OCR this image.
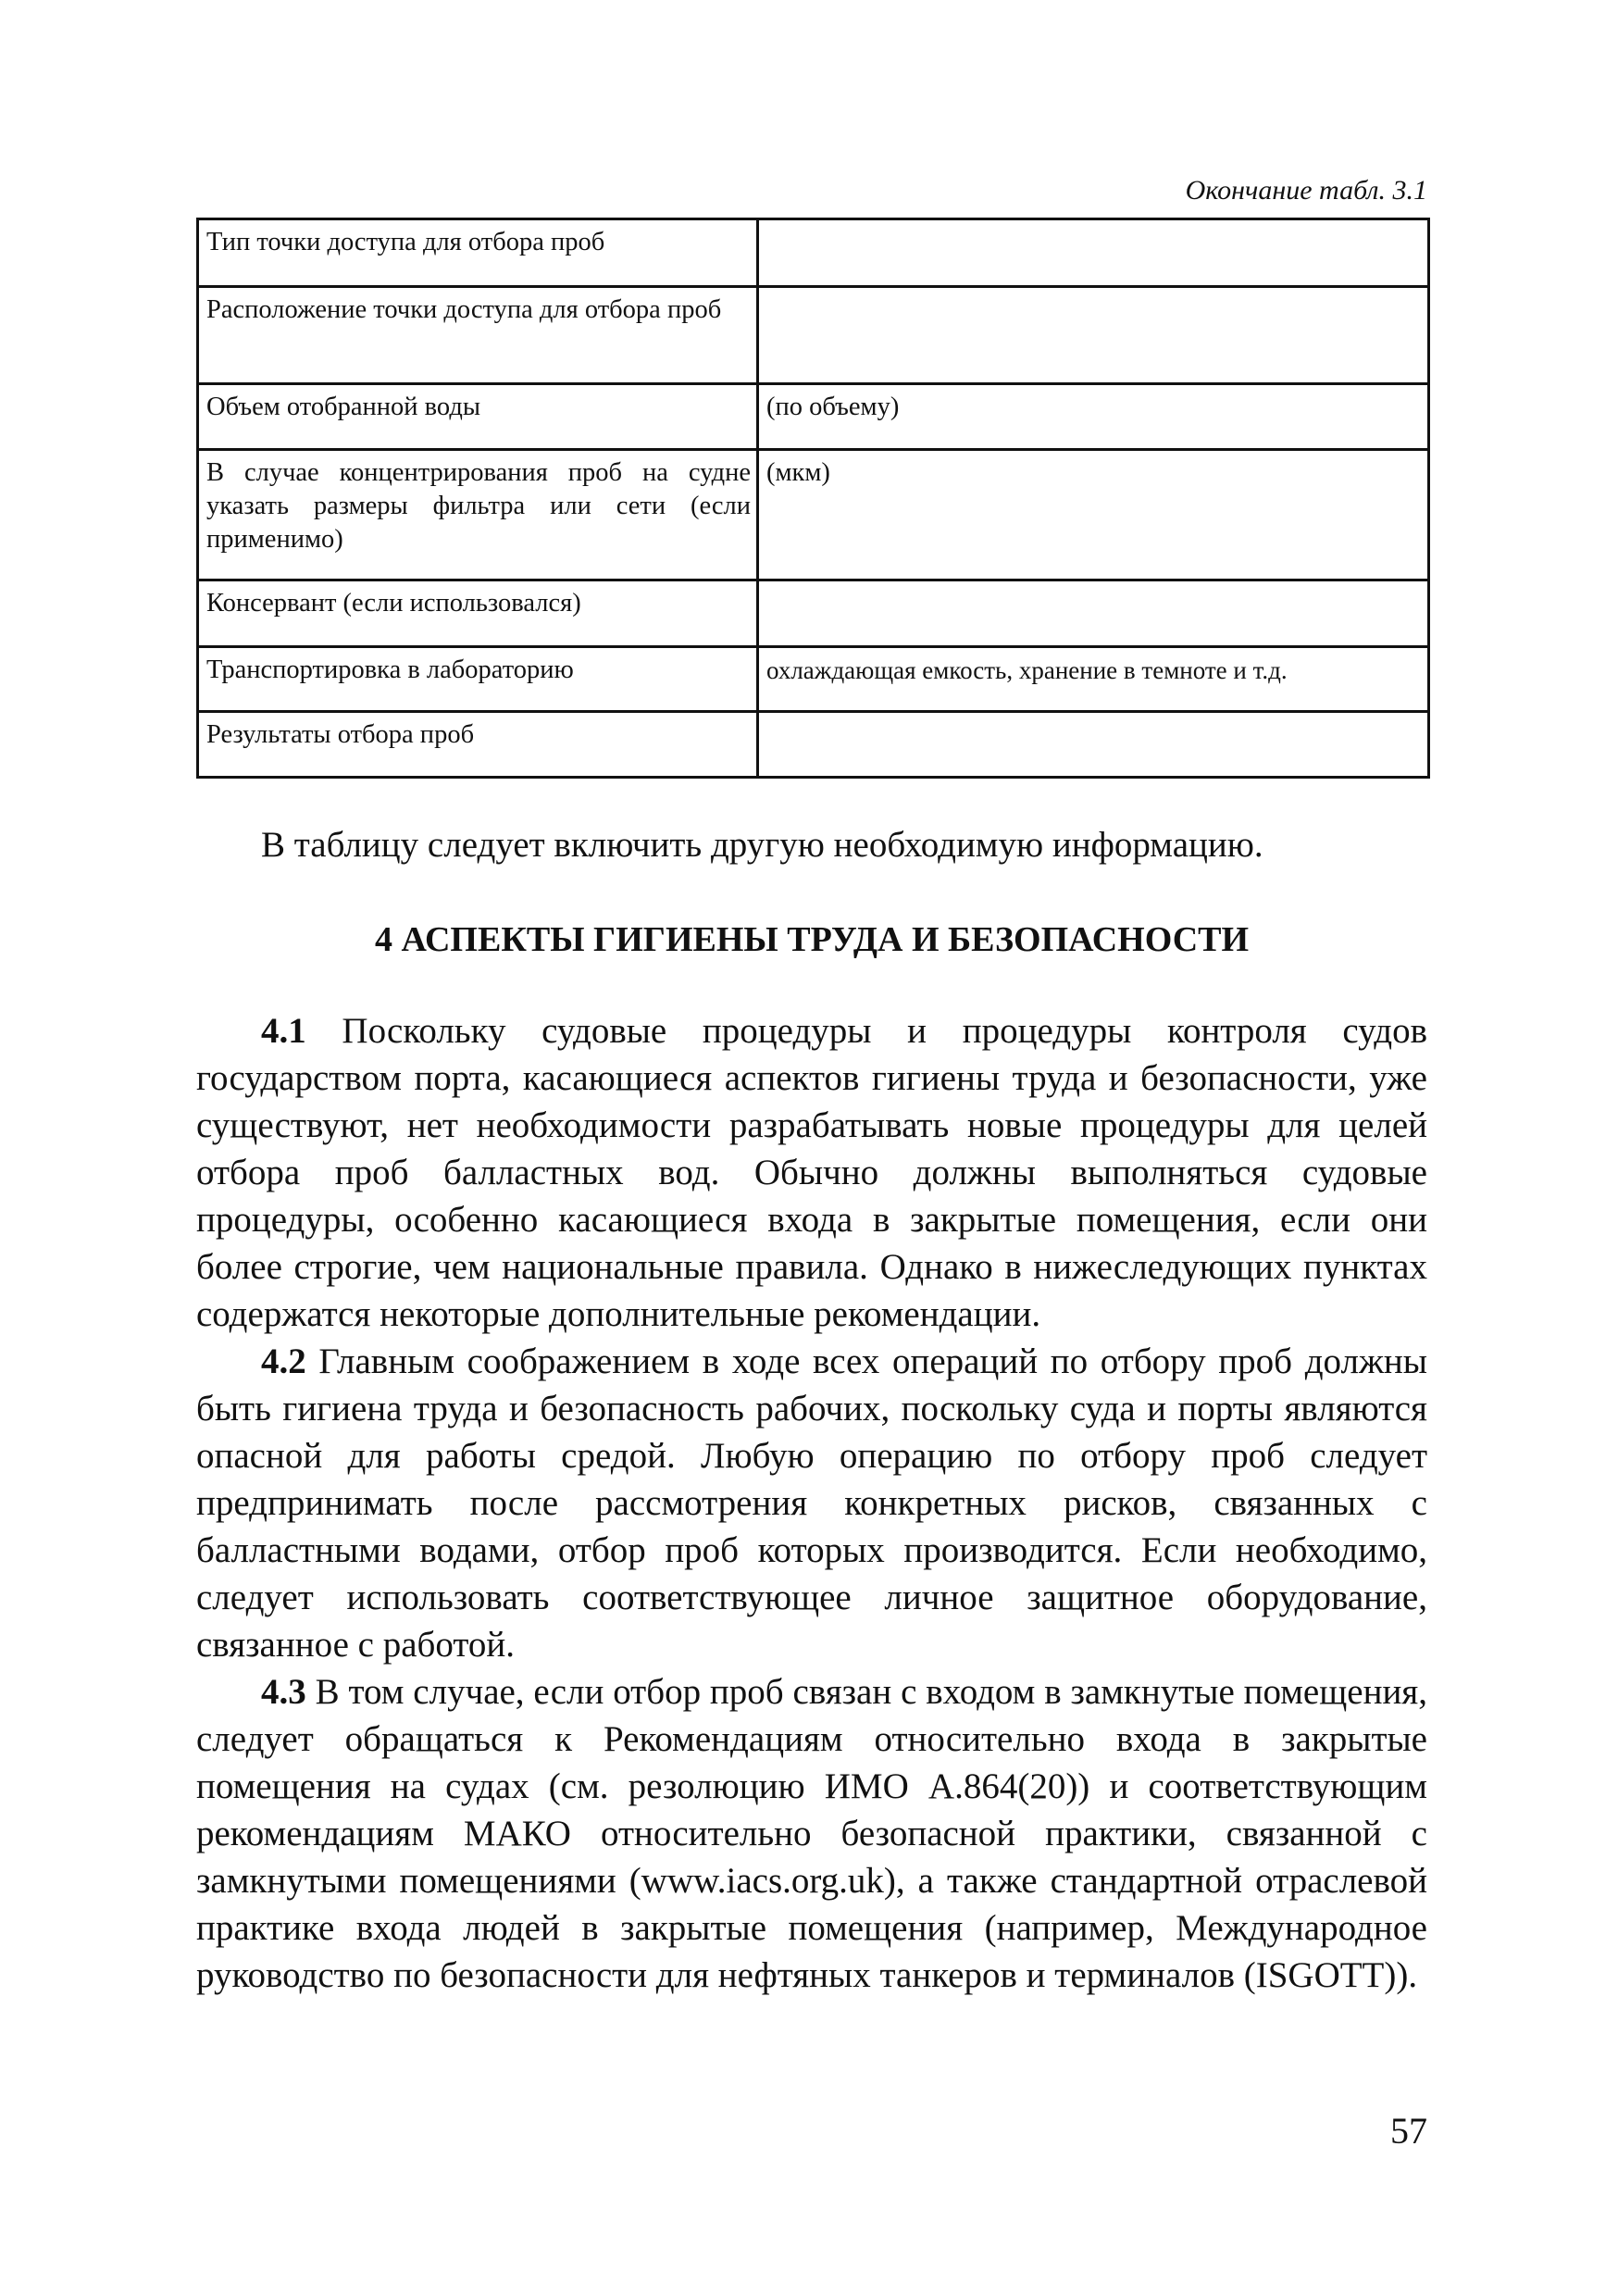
Окончание табл. 3.1
Тип точки доступа для отбора проб	
Расположение точки доступа для отбора проб	
Объем отобранной воды	(по объему)
В случае концентрирования проб на судне указать размеры фильтра или сети (если применимо)	(мкм)
Консервант (если использовался)	
Транспортировка в лабораторию	охлаждающая емкость, хранение в темноте и т.д.
Результаты отбора проб	
В таблицу следует включить другую необходимую информацию.
4 АСПЕКТЫ ГИГИЕНЫ ТРУДА И БЕЗОПАСНОСТИ

4.1 Поскольку судовые процедуры и процедуры контроля судов государством порта, касающиеся аспектов гигиены труда и безопасности, уже существуют, нет необходимости разрабатывать новые процедуры для целей отбора проб балластных вод. Обычно должны выполняться судовые процедуры, особенно касающиеся входа в закрытые помещения, если они более строгие, чем национальные правила. Однако в нижеследующих пунктах содержатся некоторые дополнительные рекомендации.

4.2 Главным соображением в ходе всех операций по отбору проб должны быть гигиена труда и безопасность рабочих, поскольку суда и порты являются опасной для работы средой. Любую операцию по отбору проб следует предпринимать после рассмотрения конкретных рисков, связанных с балластными водами, отбор проб которых производится. Если необходимо, следует использовать соответствующее личное защитное оборудование, связанное с работой.

4.3 В том случае, если отбор проб связан с входом в замкнутые помещения, следует обращаться к Рекомендациям относительно входа в закрытые помещения на судах (см. резолюцию ИМО А.864(20)) и соответствующим рекомендациям МАКО относительно безопасной практики, связанной с замкнутыми помещениями (www.iacs.org.uk), а также стандартной отраслевой практике входа людей в закрытые помещения (например, Международное руководство по безопасности для нефтяных танкеров и терминалов (ISGOTT)).

57
